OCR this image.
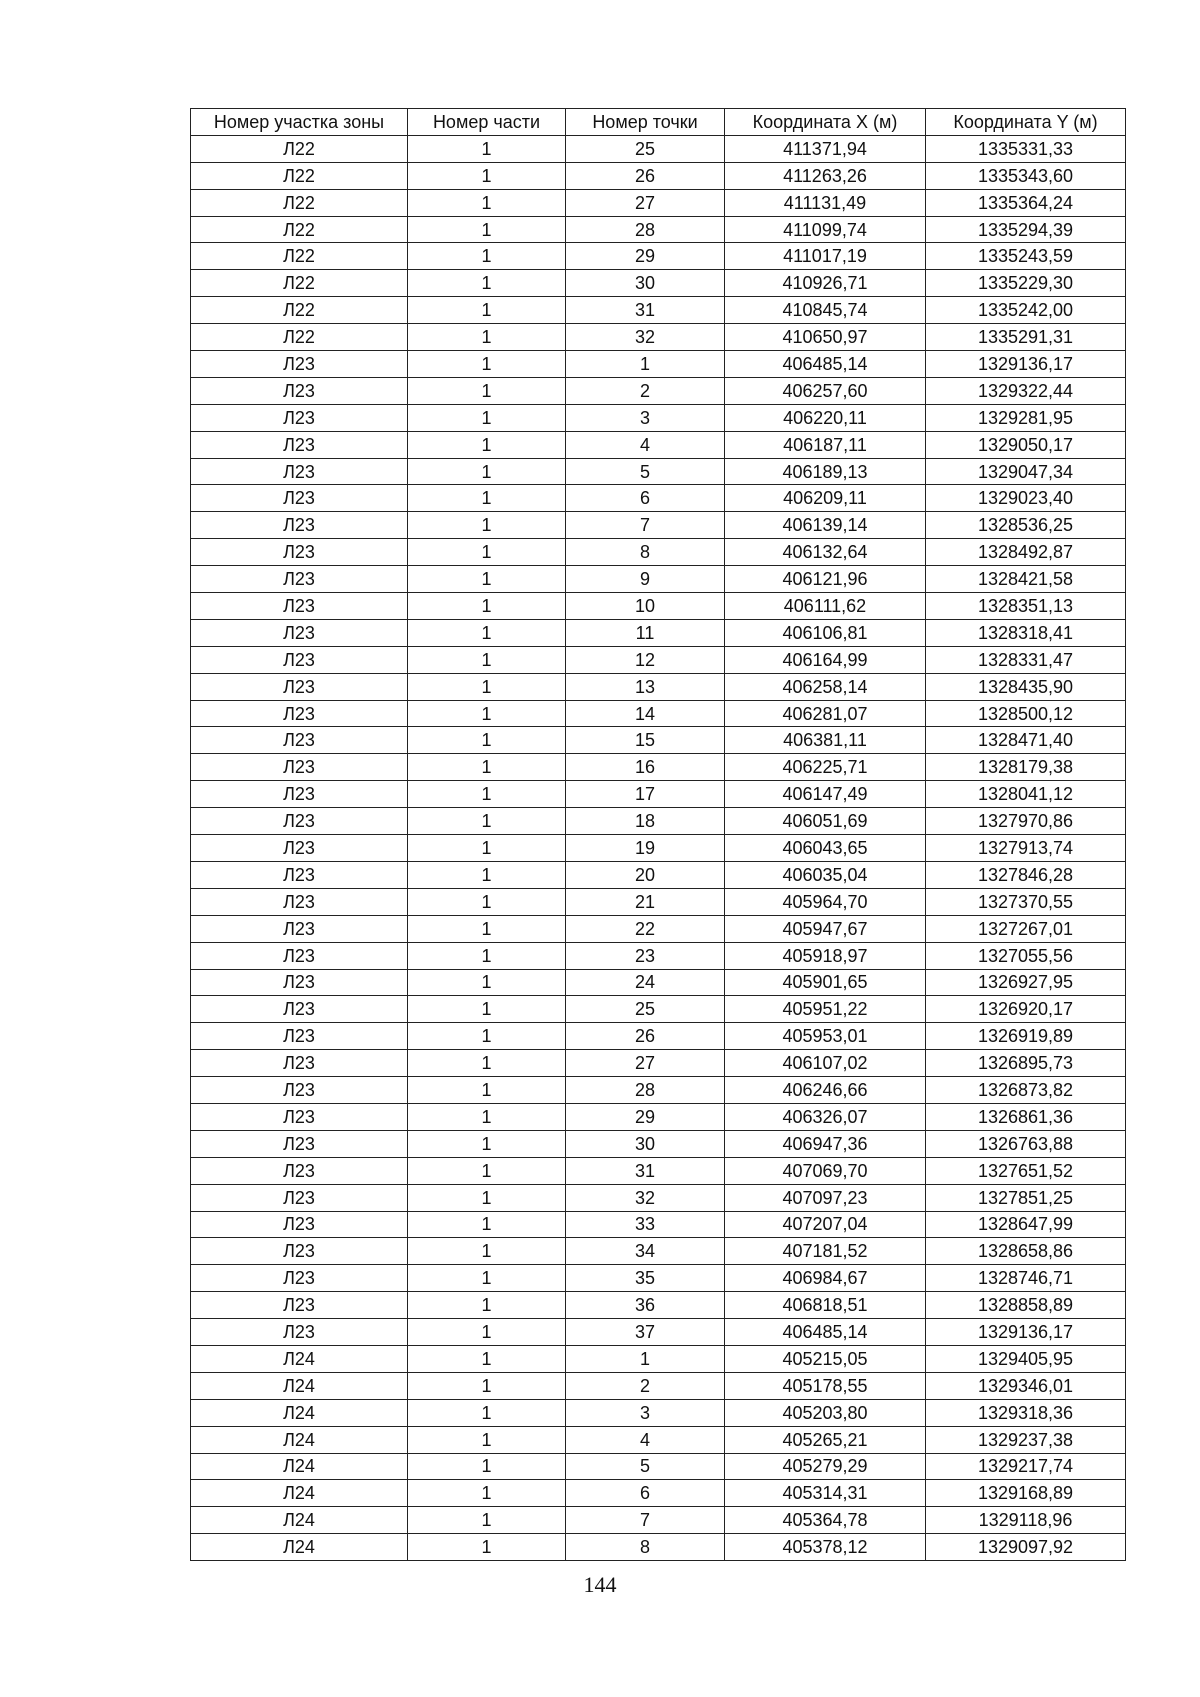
Номер участка зоны	Номер части	Номер точки	Координата X (м)	Координата Y (м)
Л22	1	25	411371,94	1335331,33
Л22	1	26	411263,26	1335343,60
Л22	1	27	411131,49	1335364,24
Л22	1	28	411099,74	1335294,39
Л22	1	29	411017,19	1335243,59
Л22	1	30	410926,71	1335229,30
Л22	1	31	410845,74	1335242,00
Л22	1	32	410650,97	1335291,31
Л23	1	1	406485,14	1329136,17
Л23	1	2	406257,60	1329322,44
Л23	1	3	406220,11	1329281,95
Л23	1	4	406187,11	1329050,17
Л23	1	5	406189,13	1329047,34
Л23	1	6	406209,11	1329023,40
Л23	1	7	406139,14	1328536,25
Л23	1	8	406132,64	1328492,87
Л23	1	9	406121,96	1328421,58
Л23	1	10	406111,62	1328351,13
Л23	1	11	406106,81	1328318,41
Л23	1	12	406164,99	1328331,47
Л23	1	13	406258,14	1328435,90
Л23	1	14	406281,07	1328500,12
Л23	1	15	406381,11	1328471,40
Л23	1	16	406225,71	1328179,38
Л23	1	17	406147,49	1328041,12
Л23	1	18	406051,69	1327970,86
Л23	1	19	406043,65	1327913,74
Л23	1	20	406035,04	1327846,28
Л23	1	21	405964,70	1327370,55
Л23	1	22	405947,67	1327267,01
Л23	1	23	405918,97	1327055,56
Л23	1	24	405901,65	1326927,95
Л23	1	25	405951,22	1326920,17
Л23	1	26	405953,01	1326919,89
Л23	1	27	406107,02	1326895,73
Л23	1	28	406246,66	1326873,82
Л23	1	29	406326,07	1326861,36
Л23	1	30	406947,36	1326763,88
Л23	1	31	407069,70	1327651,52
Л23	1	32	407097,23	1327851,25
Л23	1	33	407207,04	1328647,99
Л23	1	34	407181,52	1328658,86
Л23	1	35	406984,67	1328746,71
Л23	1	36	406818,51	1328858,89
Л23	1	37	406485,14	1329136,17
Л24	1	1	405215,05	1329405,95
Л24	1	2	405178,55	1329346,01
Л24	1	3	405203,80	1329318,36
Л24	1	4	405265,21	1329237,38
Л24	1	5	405279,29	1329217,74
Л24	1	6	405314,31	1329168,89
Л24	1	7	405364,78	1329118,96
Л24	1	8	405378,12	1329097,92
144
